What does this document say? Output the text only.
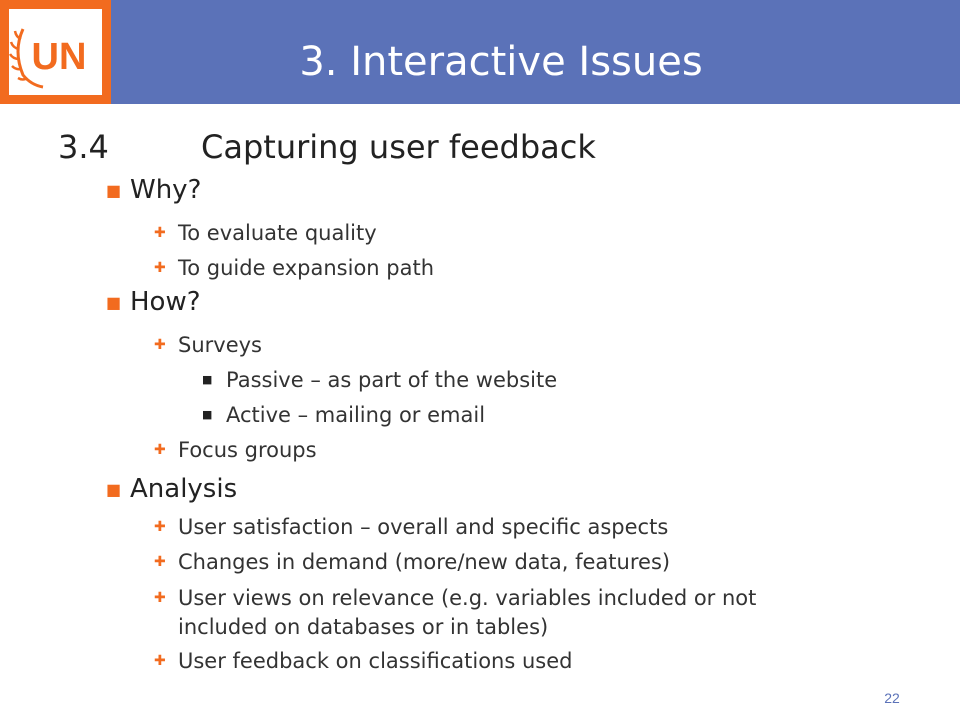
UN	3. Interactive Issues
3.4	Capturing user feedback
■ Why?
✚ To evaluate quality
✚ To guide expansion path
■ How?
✚ Surveys
■ Passive – as part of the website
■ Active – mailing or email
✚ Focus groups
■ Analysis
✚ User satisfaction – overall and specific aspects
✚ Changes in demand (more/new data, features)
✚ User views on relevance (e.g. variables included or not
included on databases or in tables)
✚ User feedback on classifications used
22
